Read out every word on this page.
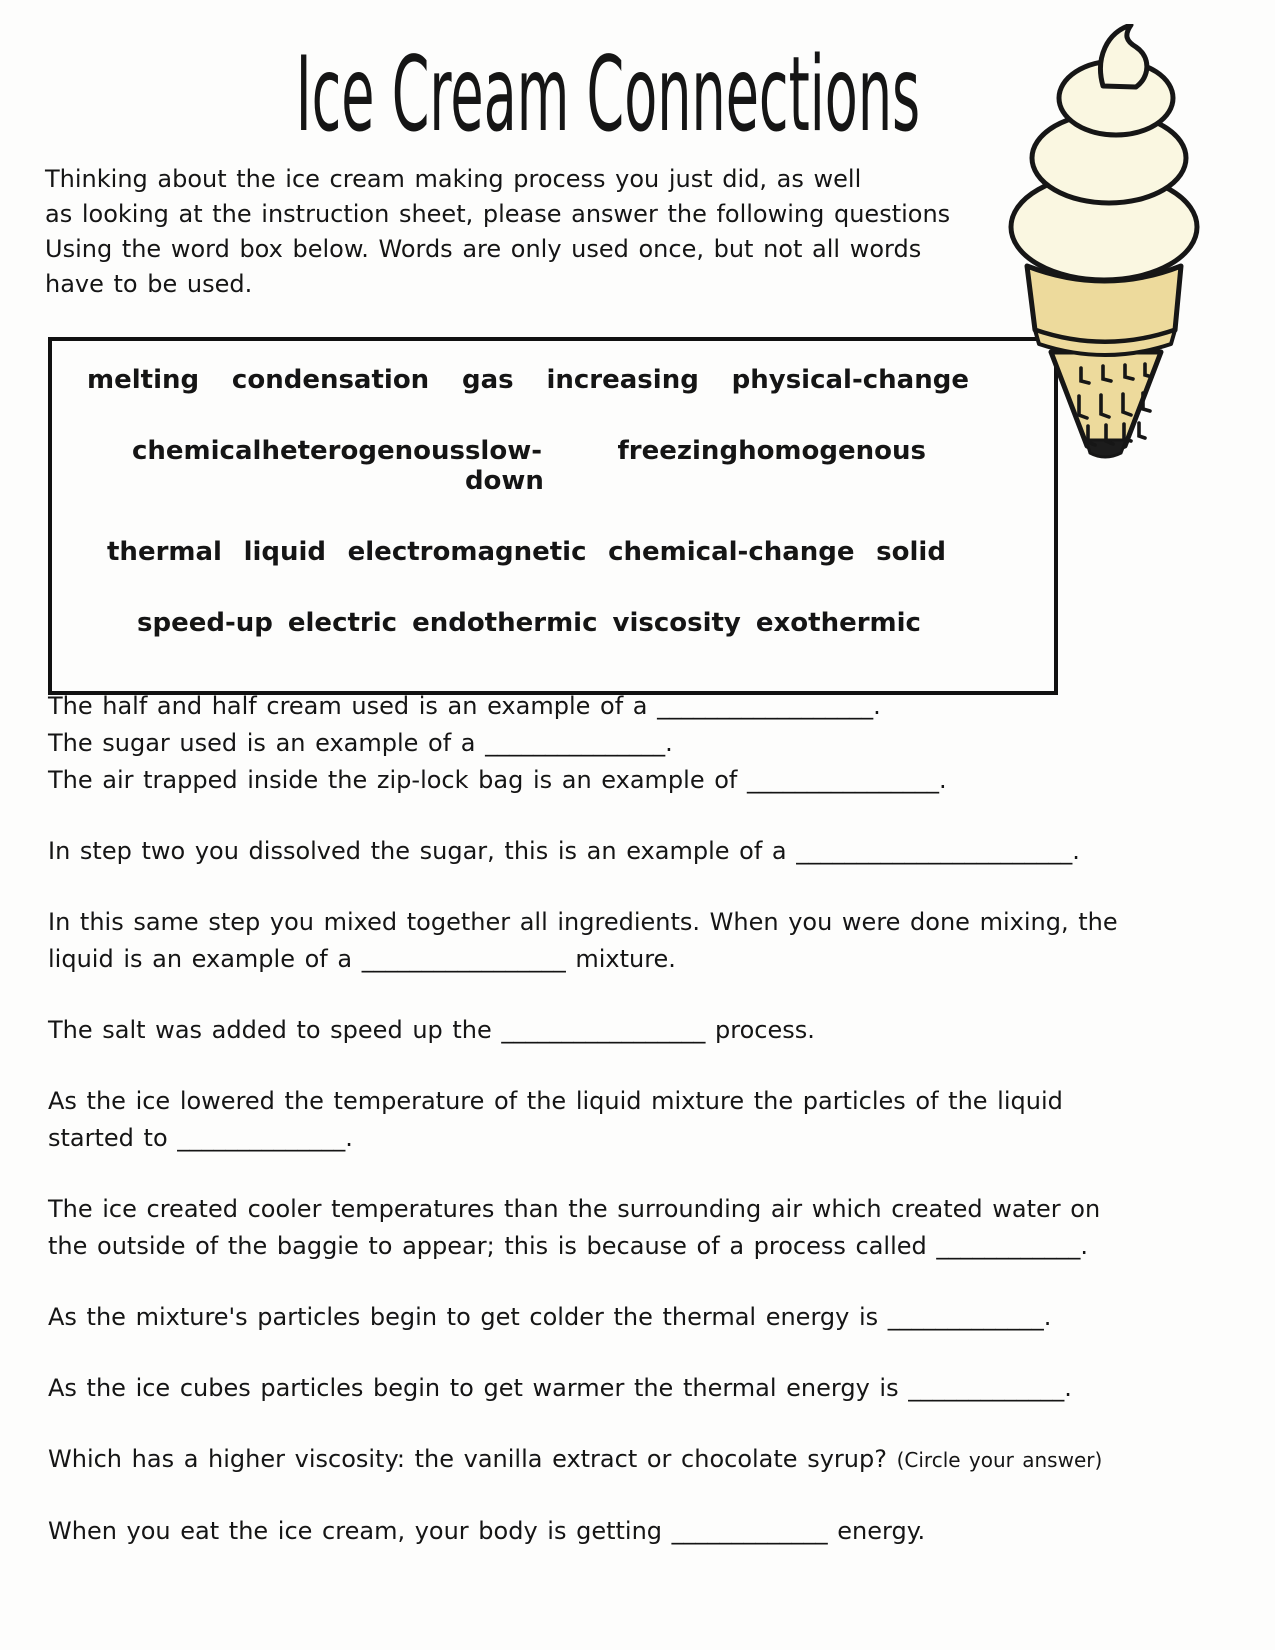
Ice Cream Connections
Thinking about the ice cream making process you just did, as well
as looking at the instruction sheet, please answer the following questions
Using the word box below. Words are only used once, but not all words
have to be used.
melting condensation gas increasing physical-change
chemical heterogenous slow-down
freezing homogenous
thermal liquid electromagnetic chemical-change solid
speed-up electric endothermic viscosity exothermic
The half and half cream used is an example of a __________________.
The sugar used is an example of a _______________.
The air trapped inside the zip-lock bag is an example of ________________.
In step two you dissolved the sugar, this is an example of a _______________________.
In this same step you mixed together all ingredients. When you were done mixing, the
liquid is an example of a _________________ mixture.
The salt was added to speed up the _________________ process.
As the ice lowered the temperature of the liquid mixture the particles of the liquid
started to ______________.
The ice created cooler temperatures than the surrounding air which created water on
the outside of the baggie to appear; this is because of a process called ____________.
As the mixture's particles begin to get colder the thermal energy is _____________.
As the ice cubes particles begin to get warmer the thermal energy is _____________.
Which has a higher viscosity: the vanilla extract or chocolate syrup? (Circle your answer)
When you eat the ice cream, your body is getting _____________ energy.
